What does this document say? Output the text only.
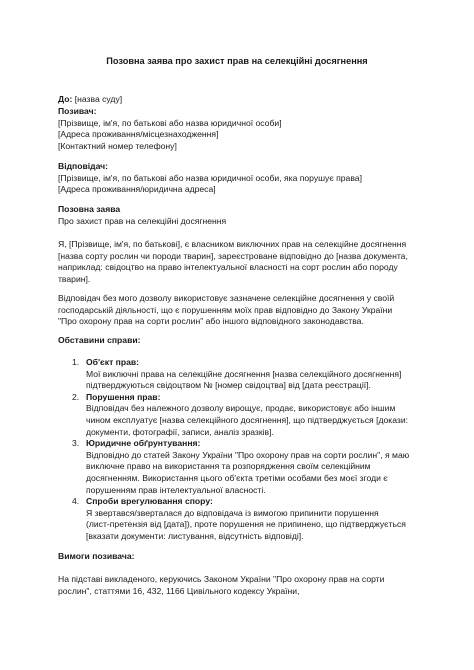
Позовна заява про захист прав на селекційні досягнення

До: [назва суду]

Позивач:

[Прізвище, ім'я, по батькові або назва юридичної особи]

[Адреса проживання/місцезнаходження]

[Контактний номер телефону]

Відповідач:

[Прізвище, ім'я, по батькові або назва юридичної особи, яка порушує права]

[Адреса проживання/юридична адреса]

Позовна заява

Про захист прав на селекційні досягнення

Я, [Прізвище, ім'я, по батькові], є власником виключних прав на селекційне досягнення

[назва сорту рослин чи породи тварин], зареєстроване відповідно до [назва документа,

наприклад: свідоцтво на право інтелектуальної власності на сорт рослин або породу

тварин].

Відповідач без мого дозволу використовує зазначене селекційне досягнення у своїй

господарській діяльності, що є порушенням моїх прав відповідно до Закону України

"Про охорону прав на сорти рослин" або іншого відповідного законодавства.

Обставини справи:

1. Об'єкт прав:

Мої виключні права на селекційне досягнення [назва селекційного досягнення]

підтверджуються свідоцтвом № [номер свідоцтва] від [дата реєстрації].

2. Порушення прав:

Відповідач без належного дозволу вирощує, продає, використовує або іншим

чином експлуатує [назва селекційного досягнення], що підтверджується [докази:

документи, фотографії, записи, аналіз зразків].

3. Юридичне обґрунтування:

Відповідно до статей Закону України "Про охорону прав на сорти рослин", я маю

виключне право на використання та розпорядження своїм селекційним

досягненням. Використання цього об'єкта третіми особами без моєї згоди є

порушенням прав інтелектуальної власності.

4. Спроби врегулювання спору:

Я звертався/зверталася до відповідача із вимогою припинити порушення

(лист-претензія від [дата]), проте порушення не припинено, що підтверджується

[вказати документи: листування, відсутність відповіді].

Вимоги позивача:

На підставі викладеного, керуючись Законом України "Про охорону прав на сорти

рослин", статтями 16, 432, 1166 Цивільного кодексу України,
